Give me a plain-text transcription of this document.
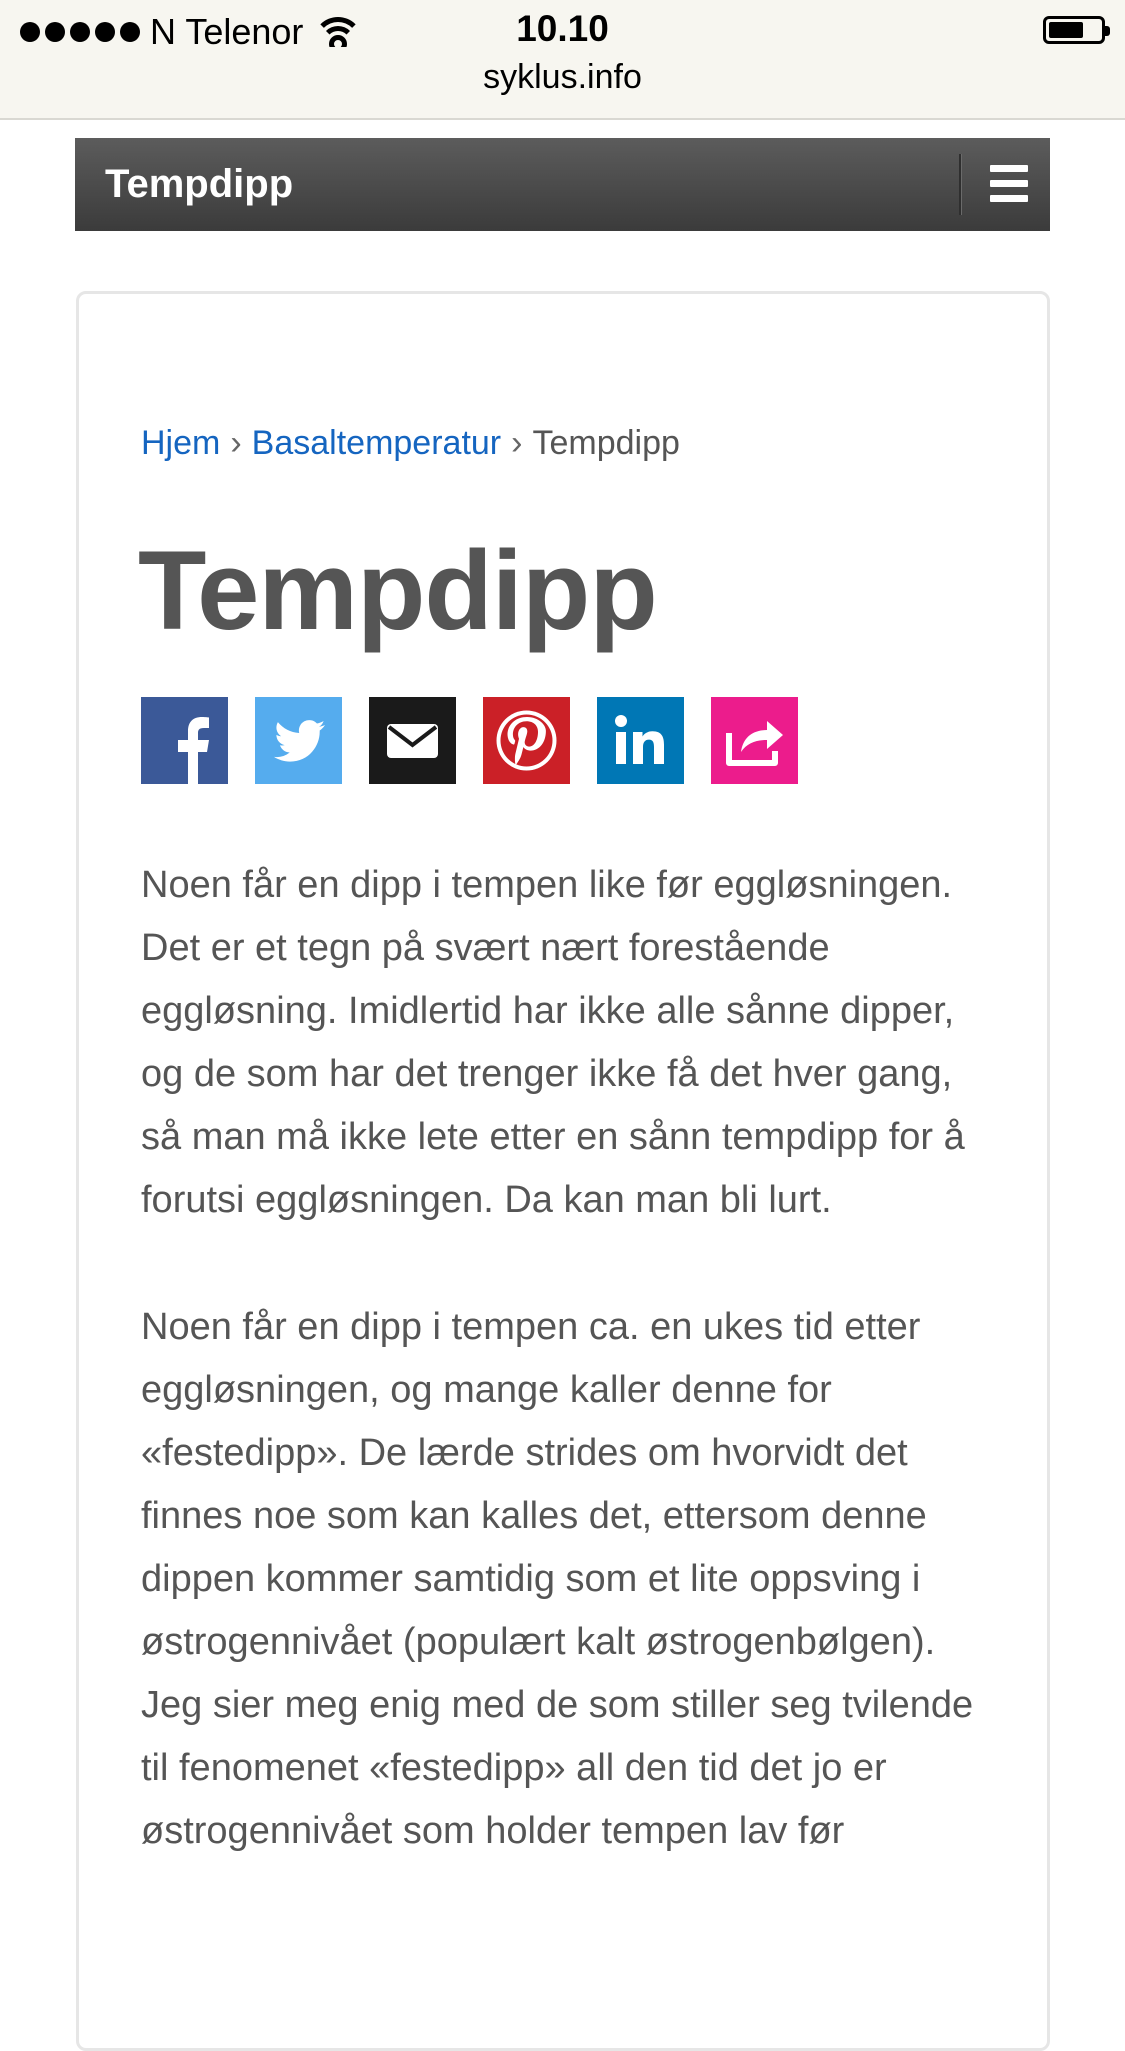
N Telenor	10.10
syklus.info
Tempdipp
Hjem › Basaltemperatur › Tempdipp
Tempdipp

Noen får en dipp i tempen like før eggløsningen. Det er et tegn på svært nært forestående eggløsning. Imidlertid har ikke alle sånne dipper, og de som har det trenger ikke få det hver gang, så man må ikke lete etter en sånn tempdipp for å forutsi eggløsningen. Da kan man bli lurt.

Noen får en dipp i tempen ca. en ukes tid etter eggløsningen, og mange kaller denne for «festedipp». De lærde strides om hvorvidt det finnes noe som kan kalles det, ettersom denne dippen kommer samtidig som et lite oppsving i østrogennivået (populært kalt østrogenbølgen). Jeg sier meg enig med de som stiller seg tvilende til fenomenet «festedipp» all den tid det jo er østrogennivået som holder tempen lav før
